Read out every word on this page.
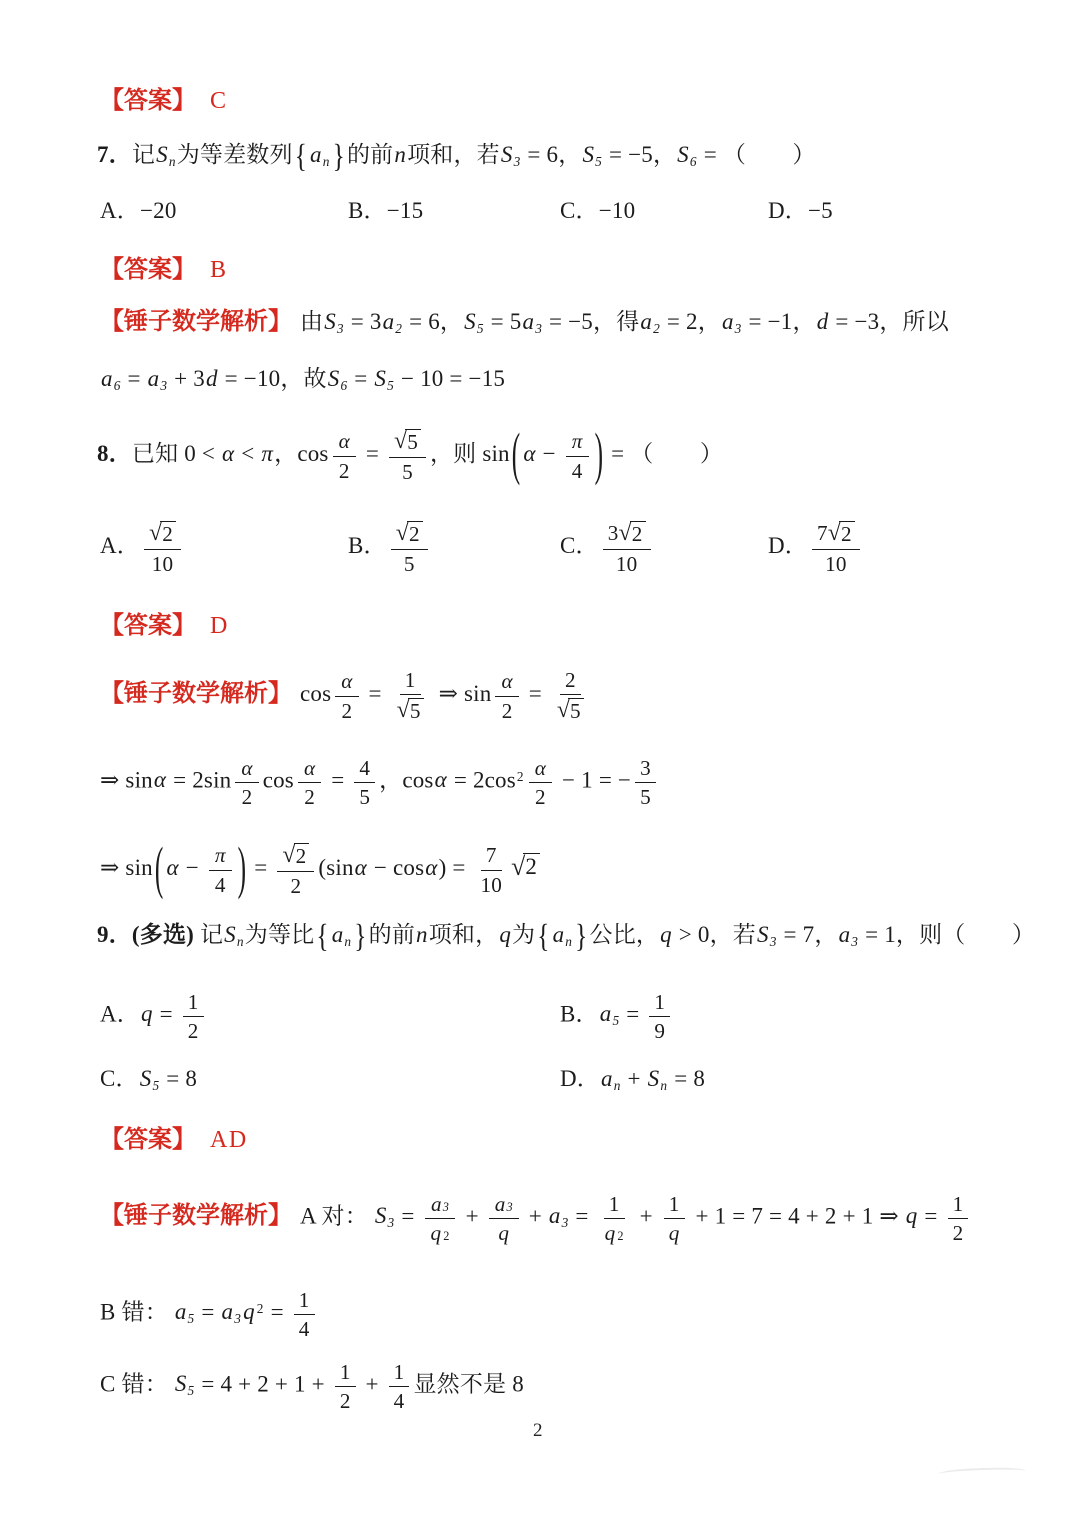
【答案】 C
7．记Sn为等差数列{ an }的前n项和，若S3 = 6，S5 = −5，S6 = （　　）
A．−20	B．−15	C．−10	D．−5
【答案】 B
【锤子数学解析】 由S3 = 3a2 = 6，S5 = 5a3 = −5，得a2 = 2，a3 = −1，d = −3，所以
a6 = a3 + 3d = −10，故S6 = S5 − 10 = −15
8．已知 0 < α < π，$\cos \frac{\alpha}{2} = \frac{√ 5}{5}$ ，则 sin( $\alpha - \frac{\pi}{4}$ ) = （　　）
A． $\frac{√ 2}{10}$	B． $\frac{√ 2}{5}$	C． $\frac{3 √ 2}{10}$	D． $\frac{7 √ 2}{10}$
【答案】 D
【锤子数学解析】 $\cos \frac{\alpha}{2} = \frac{1}{√ 5}$ ⇒ $\sin \frac{\alpha}{2} = \frac{2}{√ 5}$
⇒ $\sin\alpha = 2\sin \frac{\alpha}{2}$ $\cos \frac{\alpha}{2} = \frac{4}{5}$ ，$\cos\alpha = 2\cos^2 \frac{\alpha}{2} - 1$ = − $\frac{3}{5}$
⇒ sin( $\alpha - \frac{\pi}{4}$ ) = $\frac{√ 2}{2} (\sin\alpha - \cos\alpha) = \frac{7}{10}$ √ 2
9．(多选) 记Sn为等比{ an }的前n项和，q为{ an }公比，q > 0，若S3 = 7，a3 = 1，则（　　）
A．$q = \frac{1}{2}$	B．$a5 = \frac{1}{9}$
C．S5 = 8	D．an + Sn = 8
【答案】 AD
【锤子数学解析】 A 对： $S3 = \frac{a 3}{q 2} + \frac{a 3}{q} + a3 = \frac{1}{q 2} + \frac{1}{q} + 1 = 7 = 4 + 2 + 1$ ⇒ $q = \frac{1}{2}$
B 错： a5 = a3q $^2 = \frac{1}{4}$
C 错： $S5 = 4 + 2 + 1 + \frac{1}{2} + \frac{1}{4}$ 显然不是 8
2
